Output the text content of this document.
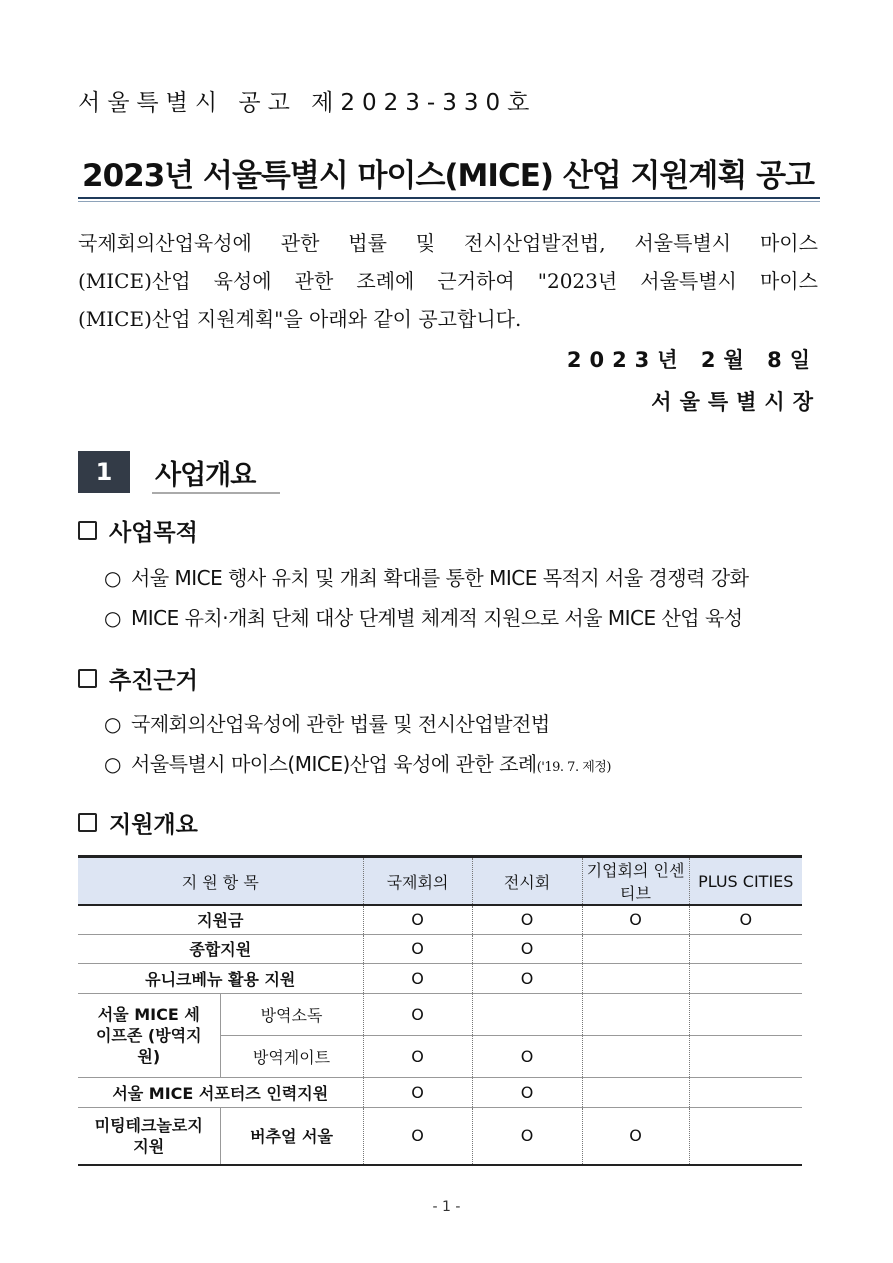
서울특별시 공고 제2023-330호
2023년 서울특별시 마이스(MICE) 산업 지원계획 공고
국제회의산업육성에 관한 법률 및 전시산업발전법, 서울특별시 마이스
(MICE)산업 육성에 관한 조례에 근거하여 "2023년 서울특별시 마이스
(MICE)산업 지원계획"을 아래와 같이 공고합니다.
2023년 2월 8일
서울특별시장
1	사업개요
사업목적
○ 서울 MICE 행사 유치 및 개최 확대를 통한 MICE 목적지 서울 경쟁력 강화
○ MICE 유치·개최 단체 대상 단계별 체계적 지원으로 서울 MICE 산업 육성
추진근거
○ 국제회의산업육성에 관한 법률 및 전시산업발전법
○ 서울특별시 마이스(MICE)산업 육성에 관한 조례('19. 7. 제정)
지원개요
지 원 항 목		국제회의	전시회	기업회의 인센티브	PLUS CITIES
지원금		O	O	O	O
종합지원		O	O		
유니크베뉴 활용 지원		O	O		
서울 MICE 세이프존 (방역지원)	방역소독	O			
	방역게이트	O	O		
서울 MICE 서포터즈 인력지원		O	O		
미팅테크놀로지 지원	버추얼 서울	O	O	O	
- 1 -
